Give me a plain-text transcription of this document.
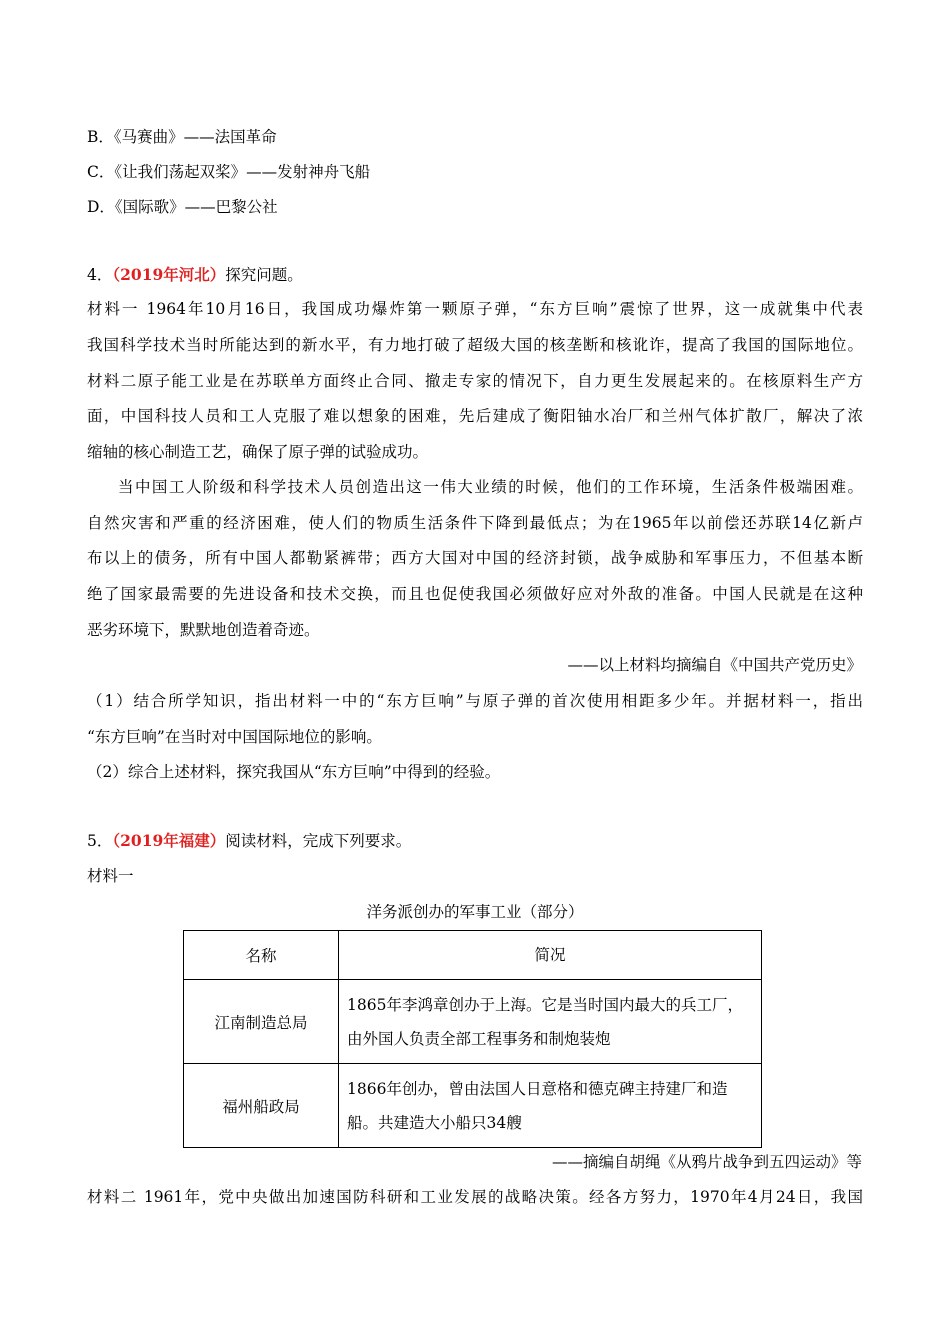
B．《马赛曲》——法国革命
C．《让我们荡起双桨》——发射神舟飞船
D．《国际歌》——巴黎公社
4．（2019年河北）探究问题。
材料一 1964年10月16日，我国成功爆炸第一颗原子弹，“东方巨响”震惊了世界，这一成就集中代表
我国科学技术当时所能达到的新水平，有力地打破了超级大国的核垄断和核讹诈，提高了我国的国际地位。
材料二原子能工业是在苏联单方面终止合同、撤走专家的情况下，自力更生发展起来的。在核原料生产方
面，中国科技人员和工人克服了难以想象的困难，先后建成了衡阳铀水冶厂和兰州气体扩散厂，解决了浓
缩轴的核心制造工艺，确保了原子弹的试验成功。
当中国工人阶级和科学技术人员创造出这一伟大业绩的时候，他们的工作环境，生活条件极端困难。
自然灾害和严重的经济困难，使人们的物质生活条件下降到最低点；为在1965年以前偿还苏联14亿新卢
布以上的债务，所有中国人都勒紧裤带；西方大国对中国的经济封锁，战争威胁和军事压力，不但基本断
绝了国家最需要的先进设备和技术交换，而且也促使我国必须做好应对外敌的准备。中国人民就是在这种
恶劣环境下，默默地创造着奇迹。
——以上材料均摘编自《中国共产党历史》
（1）结合所学知识，指出材料一中的“东方巨响”与原子弹的首次使用相距多少年。并据材料一，指出
“东方巨响”在当时对中国国际地位的影响。
（2）综合上述材料，探究我国从“东方巨响”中得到的经验。
5．（2019年福建）阅读材料，完成下列要求。
材料一
洋务派创办的军事工业（部分）
名称	简况
江南制造总局	1865年李鸿章创办于上海。它是当时国内最大的兵工厂，由外国人负责全部工程事务和制炮装炮
福州船政局	1866年创办，曾由法国人日意格和德克碑主持建厂和造船。共建造大小船只34艘
——摘编自胡绳《从鸦片战争到五四运动》等
材料二 1961年，党中央做出加速国防科研和工业发展的战略决策。经各方努力，1970年4月24日，我国
